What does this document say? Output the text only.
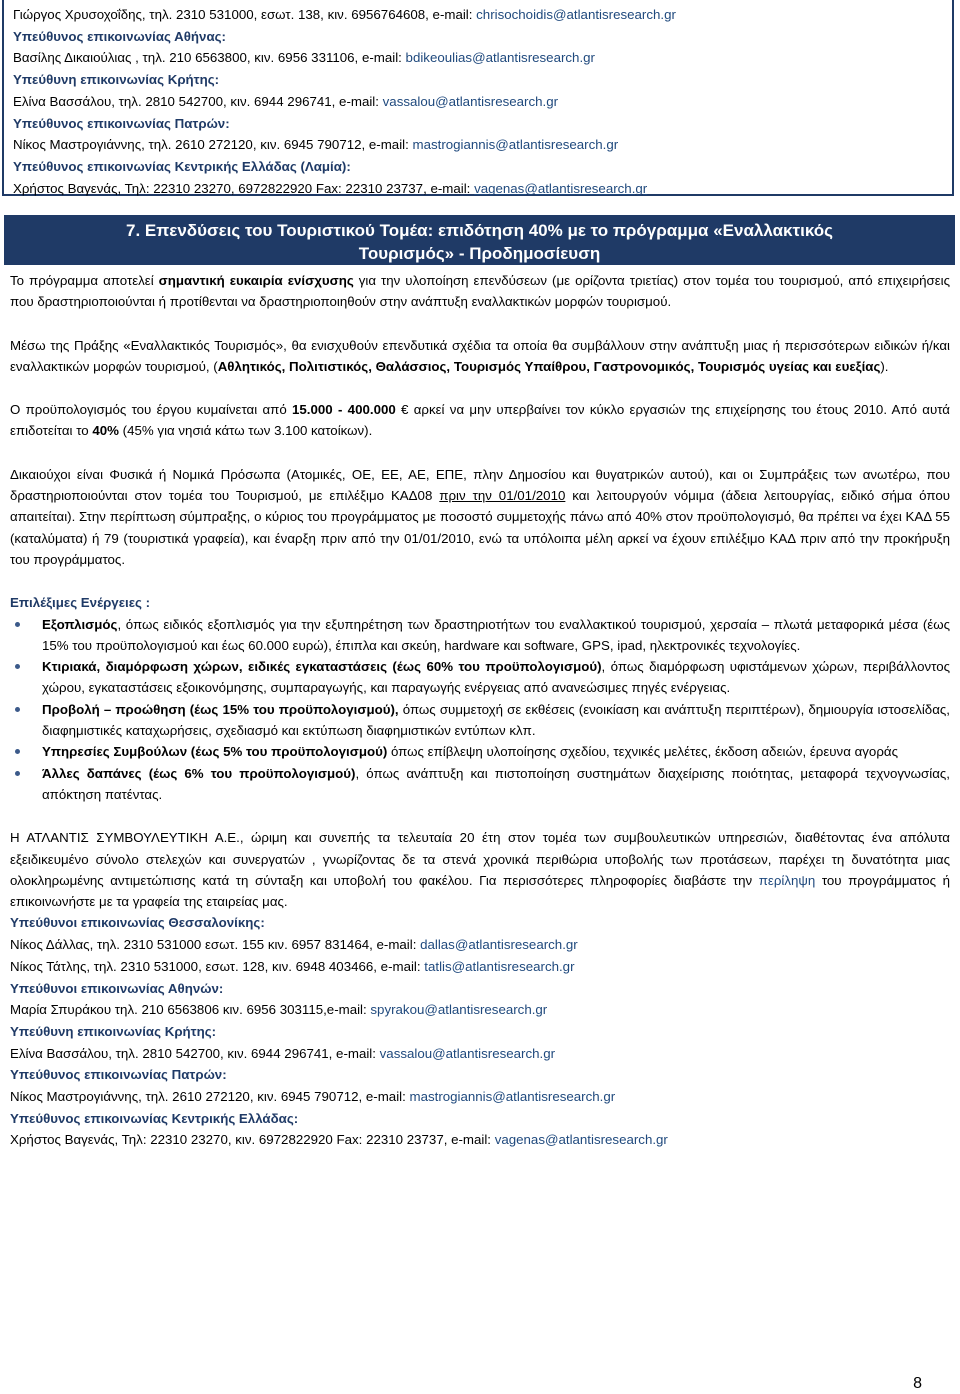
Γιώργος Χρυσοχοΐδης, τηλ. 2310 531000, εσωτ. 138, κιν. 6956764608, e-mail: chrisochoidis@atlantisresearch.gr
Υπεύθυνος επικοινωνίας Αθήνας:
Βασίλης Δικαιούλιας , τηλ. 210 6563800, κιν. 6956 331106, e-mail: bdikeoulias@atlantisresearch.gr
Υπεύθυνη επικοινωνίας Κρήτης:
Ελίνα Βασσάλου, τηλ. 2810 542700, κιν. 6944 296741, e-mail: vassalou@atlantisresearch.gr
Υπεύθυνος επικοινωνίας Πατρών:
Νίκος Μαστρογιάννης, τηλ. 2610 272120, κιν. 6945 790712, e-mail: mastrogiannis@atlantisresearch.gr
Υπεύθυνος επικοινωνίας Κεντρικής Ελλάδας (Λαμία):
Χρήστος Βαγενάς, Τηλ: 22310 23270, 6972822920 Fax: 22310 23737, e-mail: vagenas@atlantisresearch.gr
7. Επενδύσεις του Τουριστικού Τομέα: επιδότηση 40% με το πρόγραμμα «Εναλλακτικός
Τουρισμός» - Προδημοσίευση

Το πρόγραμμα αποτελεί σημαντική ευκαιρία ενίσχυσης για την υλοποίηση επενδύσεων (με ορίζοντα τριετίας) στον τομέα του τουρισμού, από επιχειρήσεις που δραστηριοποιούνται ή προτίθενται να δραστηριοποιηθούν στην ανάπτυξη εναλλακτικών μορφών τουρισμού.

Μέσω της Πράξης «Εναλλακτικός Τουρισμός», θα ενισχυθούν επενδυτικά σχέδια τα οποία θα συμβάλλουν στην ανάπτυξη μιας ή περισσότερων ειδικών ή/και εναλλακτικών μορφών τουρισμού, (Αθλητικός, Πολιτιστικός, Θαλάσσιος, Τουρισμός Υπαίθρου, Γαστρονομικός, Τουρισμός υγείας και ευεξίας).

Ο προϋπολογισμός του έργου κυμαίνεται από 15.000 - 400.000 € αρκεί να μην υπερβαίνει τον κύκλο εργασιών της επιχείρησης του έτους 2010. Από αυτά επιδοτείται το 40% (45% για νησιά κάτω των 3.100 κατοίκων).

Δικαιούχοι είναι Φυσικά ή Νομικά Πρόσωπα (Ατομικές, ΟΕ, ΕΕ, ΑΕ, ΕΠΕ, πλην Δημοσίου και θυγατρικών αυτού), και οι Συμπράξεις των ανωτέρω, που δραστηριοποιούνται στον τομέα του Τουρισμού, με επιλέξιμο ΚΑΔ08 πριν την 01/01/2010 και λειτουργούν νόμιμα (άδεια λειτουργίας, ειδικό σήμα όπου απαιτείται). Στην περίπτωση σύμπραξης, ο κύριος του προγράμματος με ποσοστό συμμετοχής πάνω από 40% στον προϋπολογισμό, θα πρέπει να έχει ΚΑΔ 55 (καταλύματα) ή 79 (τουριστικά γραφεία), και έναρξη πριν από την 01/01/2010, ενώ τα υπόλοιπα μέλη αρκεί να έχουν επιλέξιμο ΚΑΔ πριν από την προκήρυξη του προγράμματος.

Επιλέξιμες Ενέργειες :

Εξοπλισμός, όπως ειδικός εξοπλισμός για την εξυπηρέτηση των δραστηριοτήτων του εναλλακτικού τουρισμού, χερσαία – πλωτά μεταφορικά μέσα (έως 15% του προϋπολογισμού και έως 60.000 ευρώ), έπιπλα και σκεύη, hardware και software, GPS, ipad, ηλεκτρονικές τεχνολογίες.
Κτιριακά, διαμόρφωση χώρων, ειδικές εγκαταστάσεις (έως 60% του προϋπολογισμού), όπως διαμόρφωση υφιστάμενων χώρων, περιβάλλοντος χώρου, εγκαταστάσεις εξοικονόμησης, συμπαραγωγής, και παραγωγής ενέργειας από ανανεώσιμες πηγές ενέργειας.
Προβολή – προώθηση (έως 15% του προϋπολογισμού), όπως συμμετοχή σε εκθέσεις (ενοικίαση και ανάπτυξη περιπτέρων), δημιουργία ιστοσελίδας, διαφημιστικές καταχωρήσεις, σχεδιασμό και εκτύπωση διαφημιστικών εντύπων κλπ.
Υπηρεσίες Συμβούλων (έως 5% του προϋπολογισμού) όπως επίβλεψη υλοποίησης σχεδίου, τεχνικές μελέτες, έκδοση αδειών, έρευνα αγοράς
Άλλες δαπάνες (έως 6% του προϋπολογισμού), όπως ανάπτυξη και πιστοποίηση συστημάτων διαχείρισης ποιότητας, μεταφορά τεχνογνωσίας, απόκτηση πατέντας.

Η ΑΤΛΑΝΤΙΣ ΣΥΜΒΟΥΛΕΥΤΙΚΗ Α.Ε., ώριμη και συνεπής τα τελευταία 20 έτη στον τομέα των συμβουλευτικών υπηρεσιών, διαθέτοντας ένα απόλυτα εξειδικευμένο σύνολο στελεχών και συνεργατών , γνωρίζοντας δε τα στενά χρονικά περιθώρια υποβολής των προτάσεων, παρέχει τη δυνατότητα μιας ολοκληρωμένης αντιμετώπισης κατά τη σύνταξη και υποβολή του φακέλου. Για περισσότερες πληροφορίες διαβάστε την περίληψη του προγράμματος ή επικοινωνήστε με τα γραφεία της εταιρείας μας.

Υπεύθυνοι επικοινωνίας Θεσσαλονίκης:
Νίκος Δάλλας, τηλ. 2310 531000 εσωτ. 155 κιν. 6957 831464, e-mail: dallas@atlantisresearch.gr
Νίκος Τάτλης, τηλ. 2310 531000, εσωτ. 128, κιν. 6948 403466, e-mail: tatlis@atlantisresearch.gr
Υπεύθυνοι επικοινωνίας Αθηνών:
Μαρία Σπυράκου τηλ. 210 6563806 κιν. 6956 303115,e-mail: spyrakou@atlantisresearch.gr
Υπεύθυνη επικοινωνίας Κρήτης:
Ελίνα Βασσάλου, τηλ. 2810 542700, κιν. 6944 296741, e-mail: vassalou@atlantisresearch.gr
Υπεύθυνος επικοινωνίας Πατρών:
Νίκος Μαστρογιάννης, τηλ. 2610 272120, κιν. 6945 790712, e-mail: mastrogiannis@atlantisresearch.gr
Υπεύθυνος επικοινωνίας Κεντρικής Ελλάδας:
Χρήστος Βαγενάς, Τηλ: 22310 23270, κιν. 6972822920 Fax: 22310 23737, e-mail: vagenas@atlantisresearch.gr
8
